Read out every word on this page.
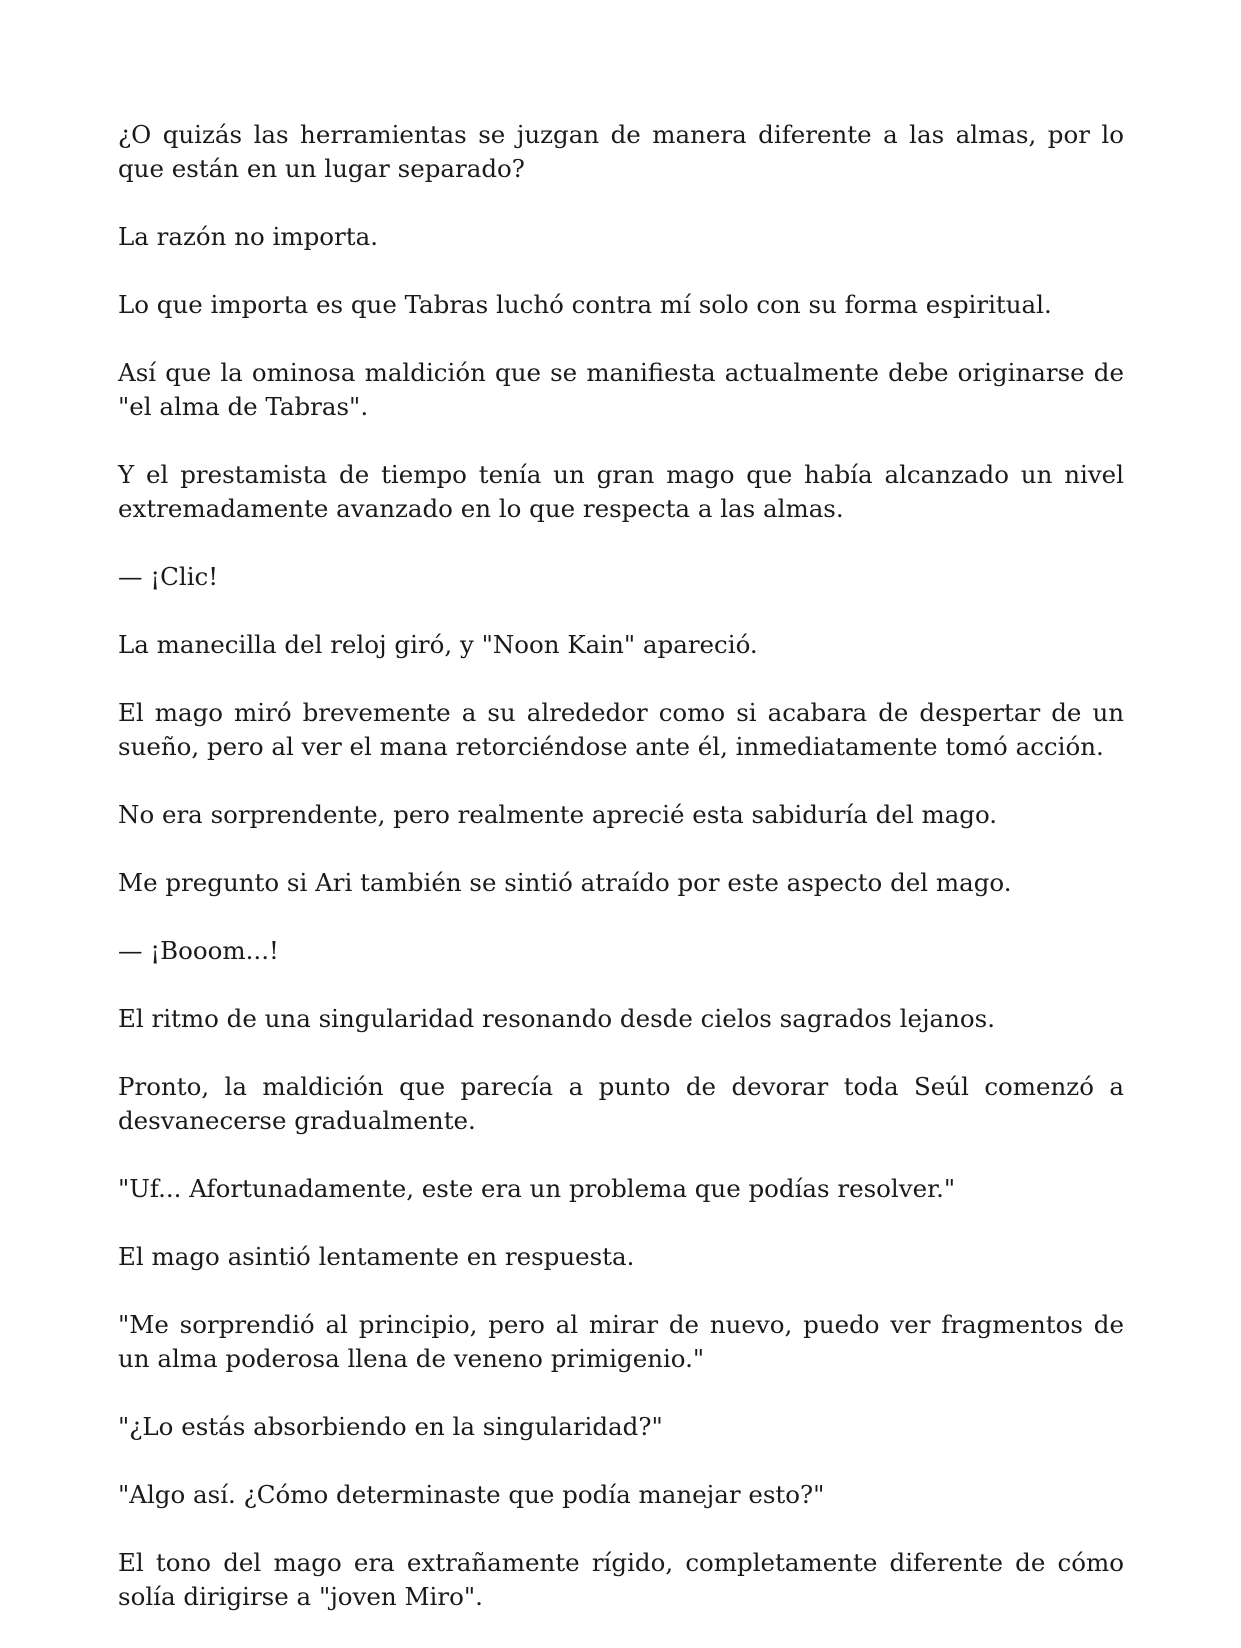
¿O quizás las herramientas se juzgan de manera diferente a las almas, por lo que están en un lugar separado?

La razón no importa.

Lo que importa es que Tabras luchó contra mí solo con su forma espiritual.

Así que la ominosa maldición que se manifiesta actualmente debe originarse de "el alma de Tabras".

Y el prestamista de tiempo tenía un gran mago que había alcanzado un nivel extremadamente avanzado en lo que respecta a las almas.

— ¡Clic!

La manecilla del reloj giró, y "Noon Kain" apareció.

El mago miró brevemente a su alrededor como si acabara de despertar de un sueño, pero al ver el mana retorciéndose ante él, inmediatamente tomó acción.

No era sorprendente, pero realmente aprecié esta sabiduría del mago.

Me pregunto si Ari también se sintió atraído por este aspecto del mago.

— ¡Booom...!

El ritmo de una singularidad resonando desde cielos sagrados lejanos.

Pronto, la maldición que parecía a punto de devorar toda Seúl comenzó a desvanecerse gradualmente.

"Uf... Afortunadamente, este era un problema que podías resolver."

El mago asintió lentamente en respuesta.

"Me sorprendió al principio, pero al mirar de nuevo, puedo ver fragmentos de un alma poderosa llena de veneno primigenio."

"¿Lo estás absorbiendo en la singularidad?"

"Algo así. ¿Cómo determinaste que podía manejar esto?"

El tono del mago era extrañamente rígido, completamente diferente de cómo solía dirigirse a "joven Miro".
